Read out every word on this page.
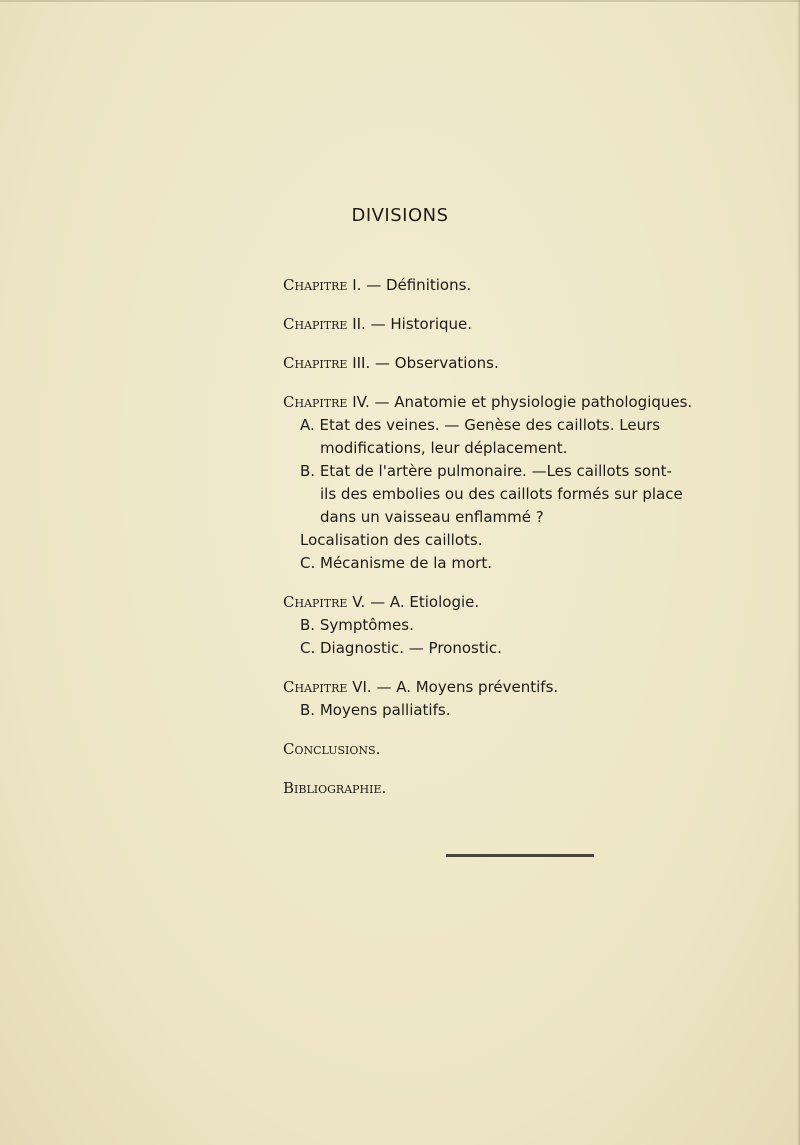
DIVISIONS
Chapitre I. — Définitions.
Chapitre II. — Historique.
Chapitre III. — Observations.
Chapitre IV. — Anatomie et physiologie pathologiques.
A. Etat des veines. — Genèse des caillots. Leurs
modifications, leur déplacement.
B. Etat de l'artère pulmonaire. —Les caillots sont-
ils des embolies ou des caillots formés sur place
dans un vaisseau enflammé ?
Localisation des caillots.
C. Mécanisme de la mort.
Chapitre V. — A. Etiologie.
B. Symptômes.
C. Diagnostic. — Pronostic.
Chapitre VI. — A. Moyens préventifs.
B. Moyens palliatifs.
Conclusions.
Bibliographie.
